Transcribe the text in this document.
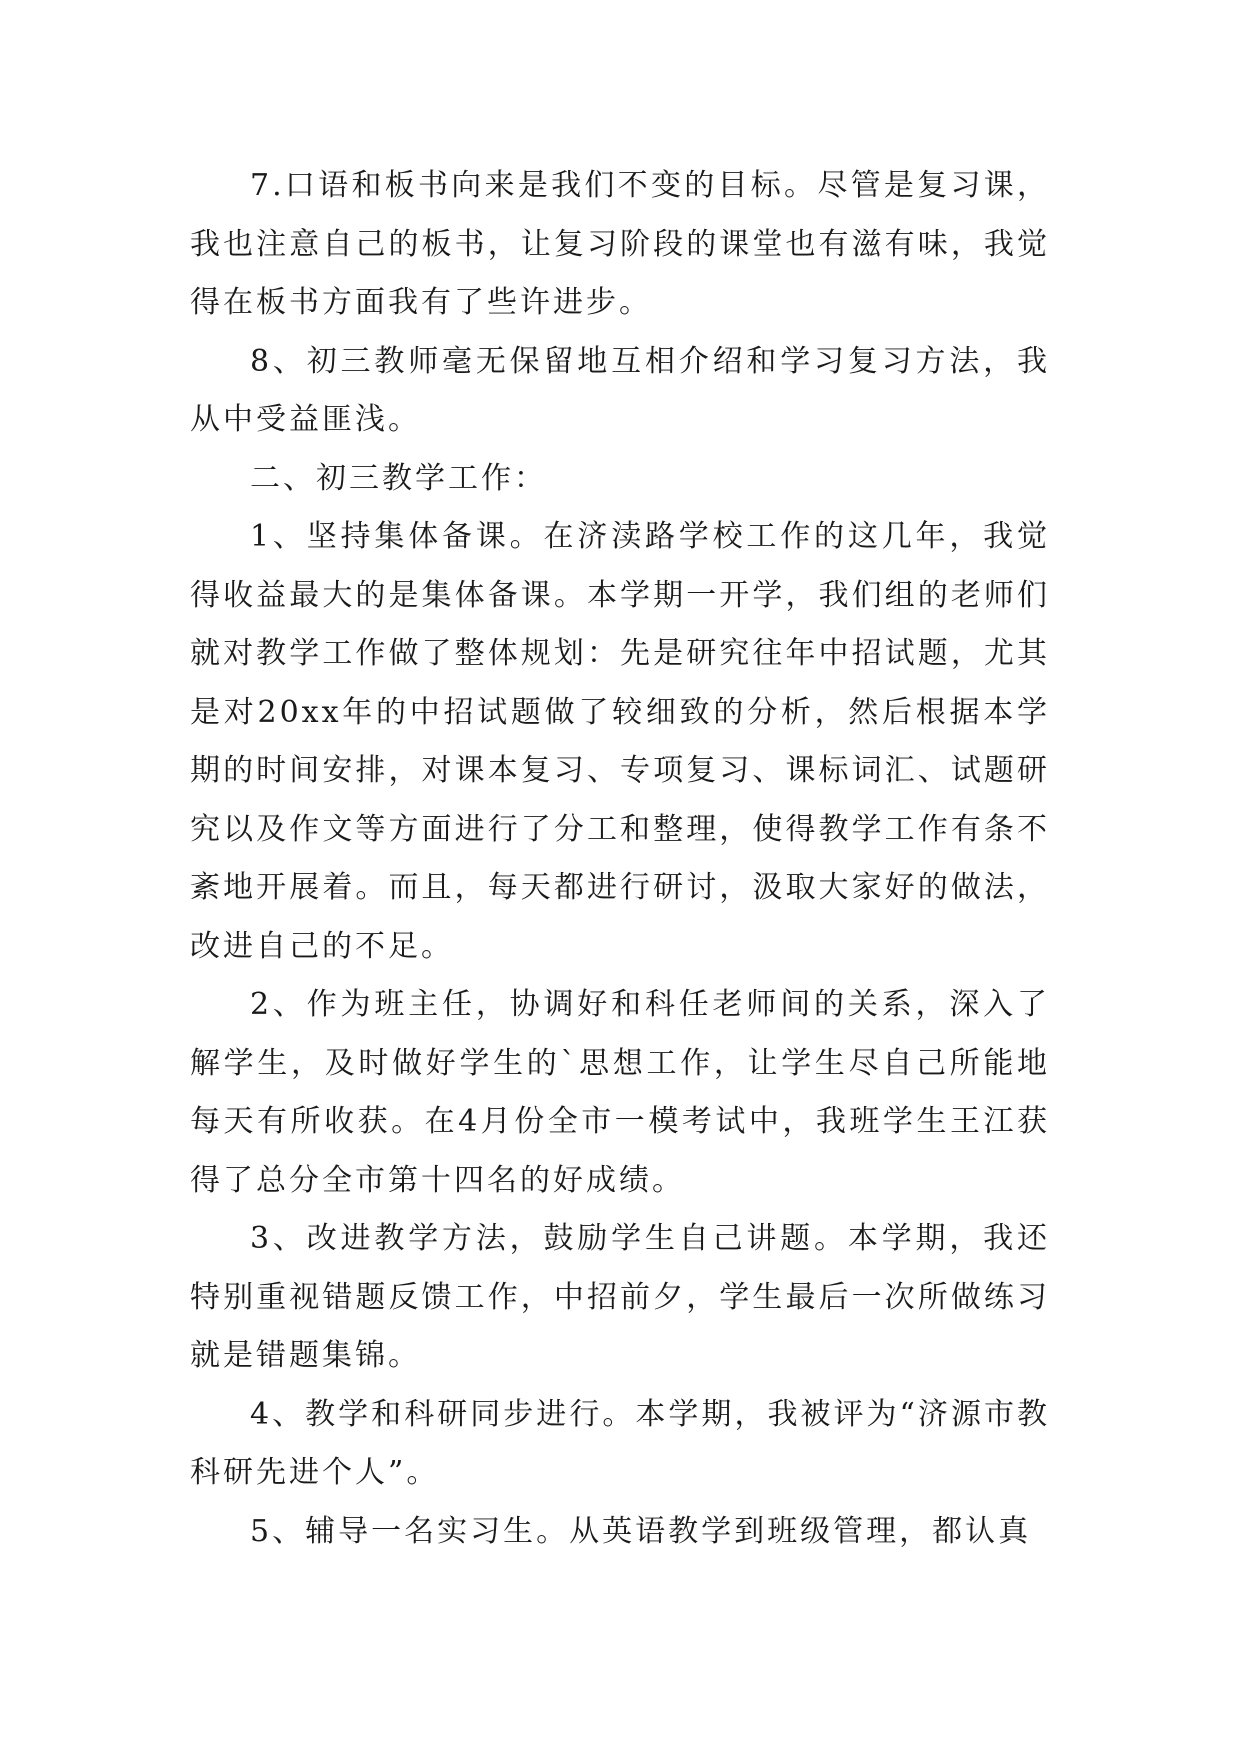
7.口语和板书向来是我们不变的目标。尽管是复习课，我也注意自己的板书，让复习阶段的课堂也有滋有味，我觉得在板书方面我有了些许进步。

8、初三教师毫无保留地互相介绍和学习复习方法，我从中受益匪浅。

二、初三教学工作：

1、坚持集体备课。在济渎路学校工作的这几年，我觉得收益最大的是集体备课。本学期一开学，我们组的老师们就对教学工作做了整体规划：先是研究往年中招试题，尤其是对20xx年的中招试题做了较细致的分析，然后根据本学期的时间安排，对课本复习、专项复习、课标词汇、试题研究以及作文等方面进行了分工和整理，使得教学工作有条不紊地开展着。而且，每天都进行研讨，汲取大家好的做法，改进自己的不足。

2、作为班主任，协调好和科任老师间的关系，深入了解学生，及时做好学生的`思想工作，让学生尽自己所能地每天有所收获。在4月份全市一模考试中，我班学生王江获得了总分全市第十四名的好成绩。

3、改进教学方法，鼓励学生自己讲题。本学期，我还特别重视错题反馈工作，中招前夕，学生最后一次所做练习就是错题集锦。

4、教学和科研同步进行。本学期，我被评为“济源市教科研先进个人”。

5、辅导一名实习生。从英语教学到班级管理，都认真
